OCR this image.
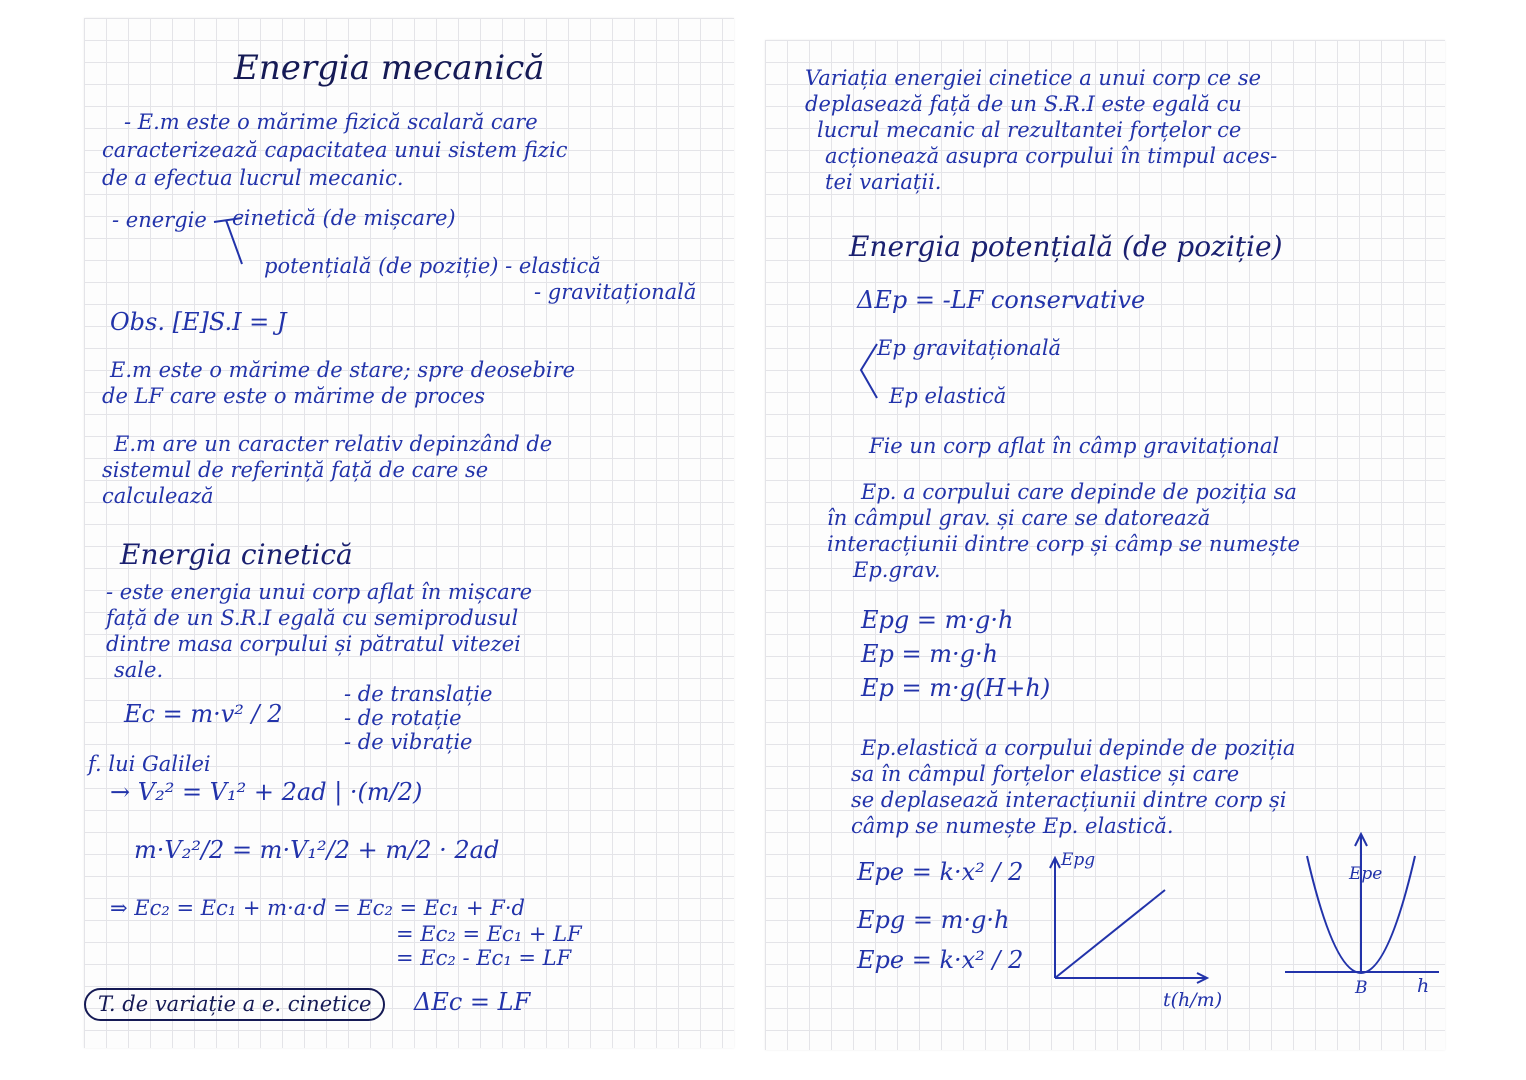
Energia mecanică

- E.m este o mărime fizică scalară care

caracterizează capacitatea unui sistem fizic

de a efectua lucrul mecanic.

- energie cinetică (de mișcare)

potențială (de poziție) - elastică

- gravitațională

Obs. [E]S.I = J

E.m este o mărime de stare; spre deosebire

de LF care este o mărime de proces

E.m are un caracter relativ depinzând de

sistemul de referință față de care se

calculează

Energia cinetică

- este energia unui corp aflat în mișcare

față de un S.R.I egală cu semiprodusul

dintre masa corpului și pătratul vitezei

sale.

Ec = m·v² / 2

- de translație

- de rotație

- de vibrație

f. lui Galilei

→ V₂² = V₁² + 2ad | ·(m/2)

m·V₂²/2 = m·V₁²/2 + m/2 · 2ad

⇒ Ec₂ = Ec₁ + m·a·d = Ec₂ = Ec₁ + F·d

= Ec₂ = Ec₁ + LF

= Ec₂ - Ec₁ = LF

T. de variație a e. cinetice	ΔEc = LF

Variația energiei cinetice a unui corp ce se

deplasează față de un S.R.I este egală cu

lucrul mecanic al rezultantei forțelor ce

acționează asupra corpului în timpul aces-

tei variații.

Energia potențială (de poziție)

ΔEp = -LF conservative

Ep gravitațională

Ep elastică

Fie un corp aflat în câmp gravitațional

Ep. a corpului care depinde de poziția sa

în câmpul grav. și care se datorează

interacțiunii dintre corp și câmp se numește

Ep.grav.

Epg = m·g·h

Ep = m·g·h

Ep = m·g(H+h)

Ep.elastică a corpului depinde de poziția

sa în câmpul forțelor elastice și care

se deplasează interacțiunii dintre corp și

câmp se numește Ep. elastică.

Epe = k·x² / 2

Epg = m·g·h

Epe = k·x² / 2

Epg

t(h/m)

Epe

B	h
